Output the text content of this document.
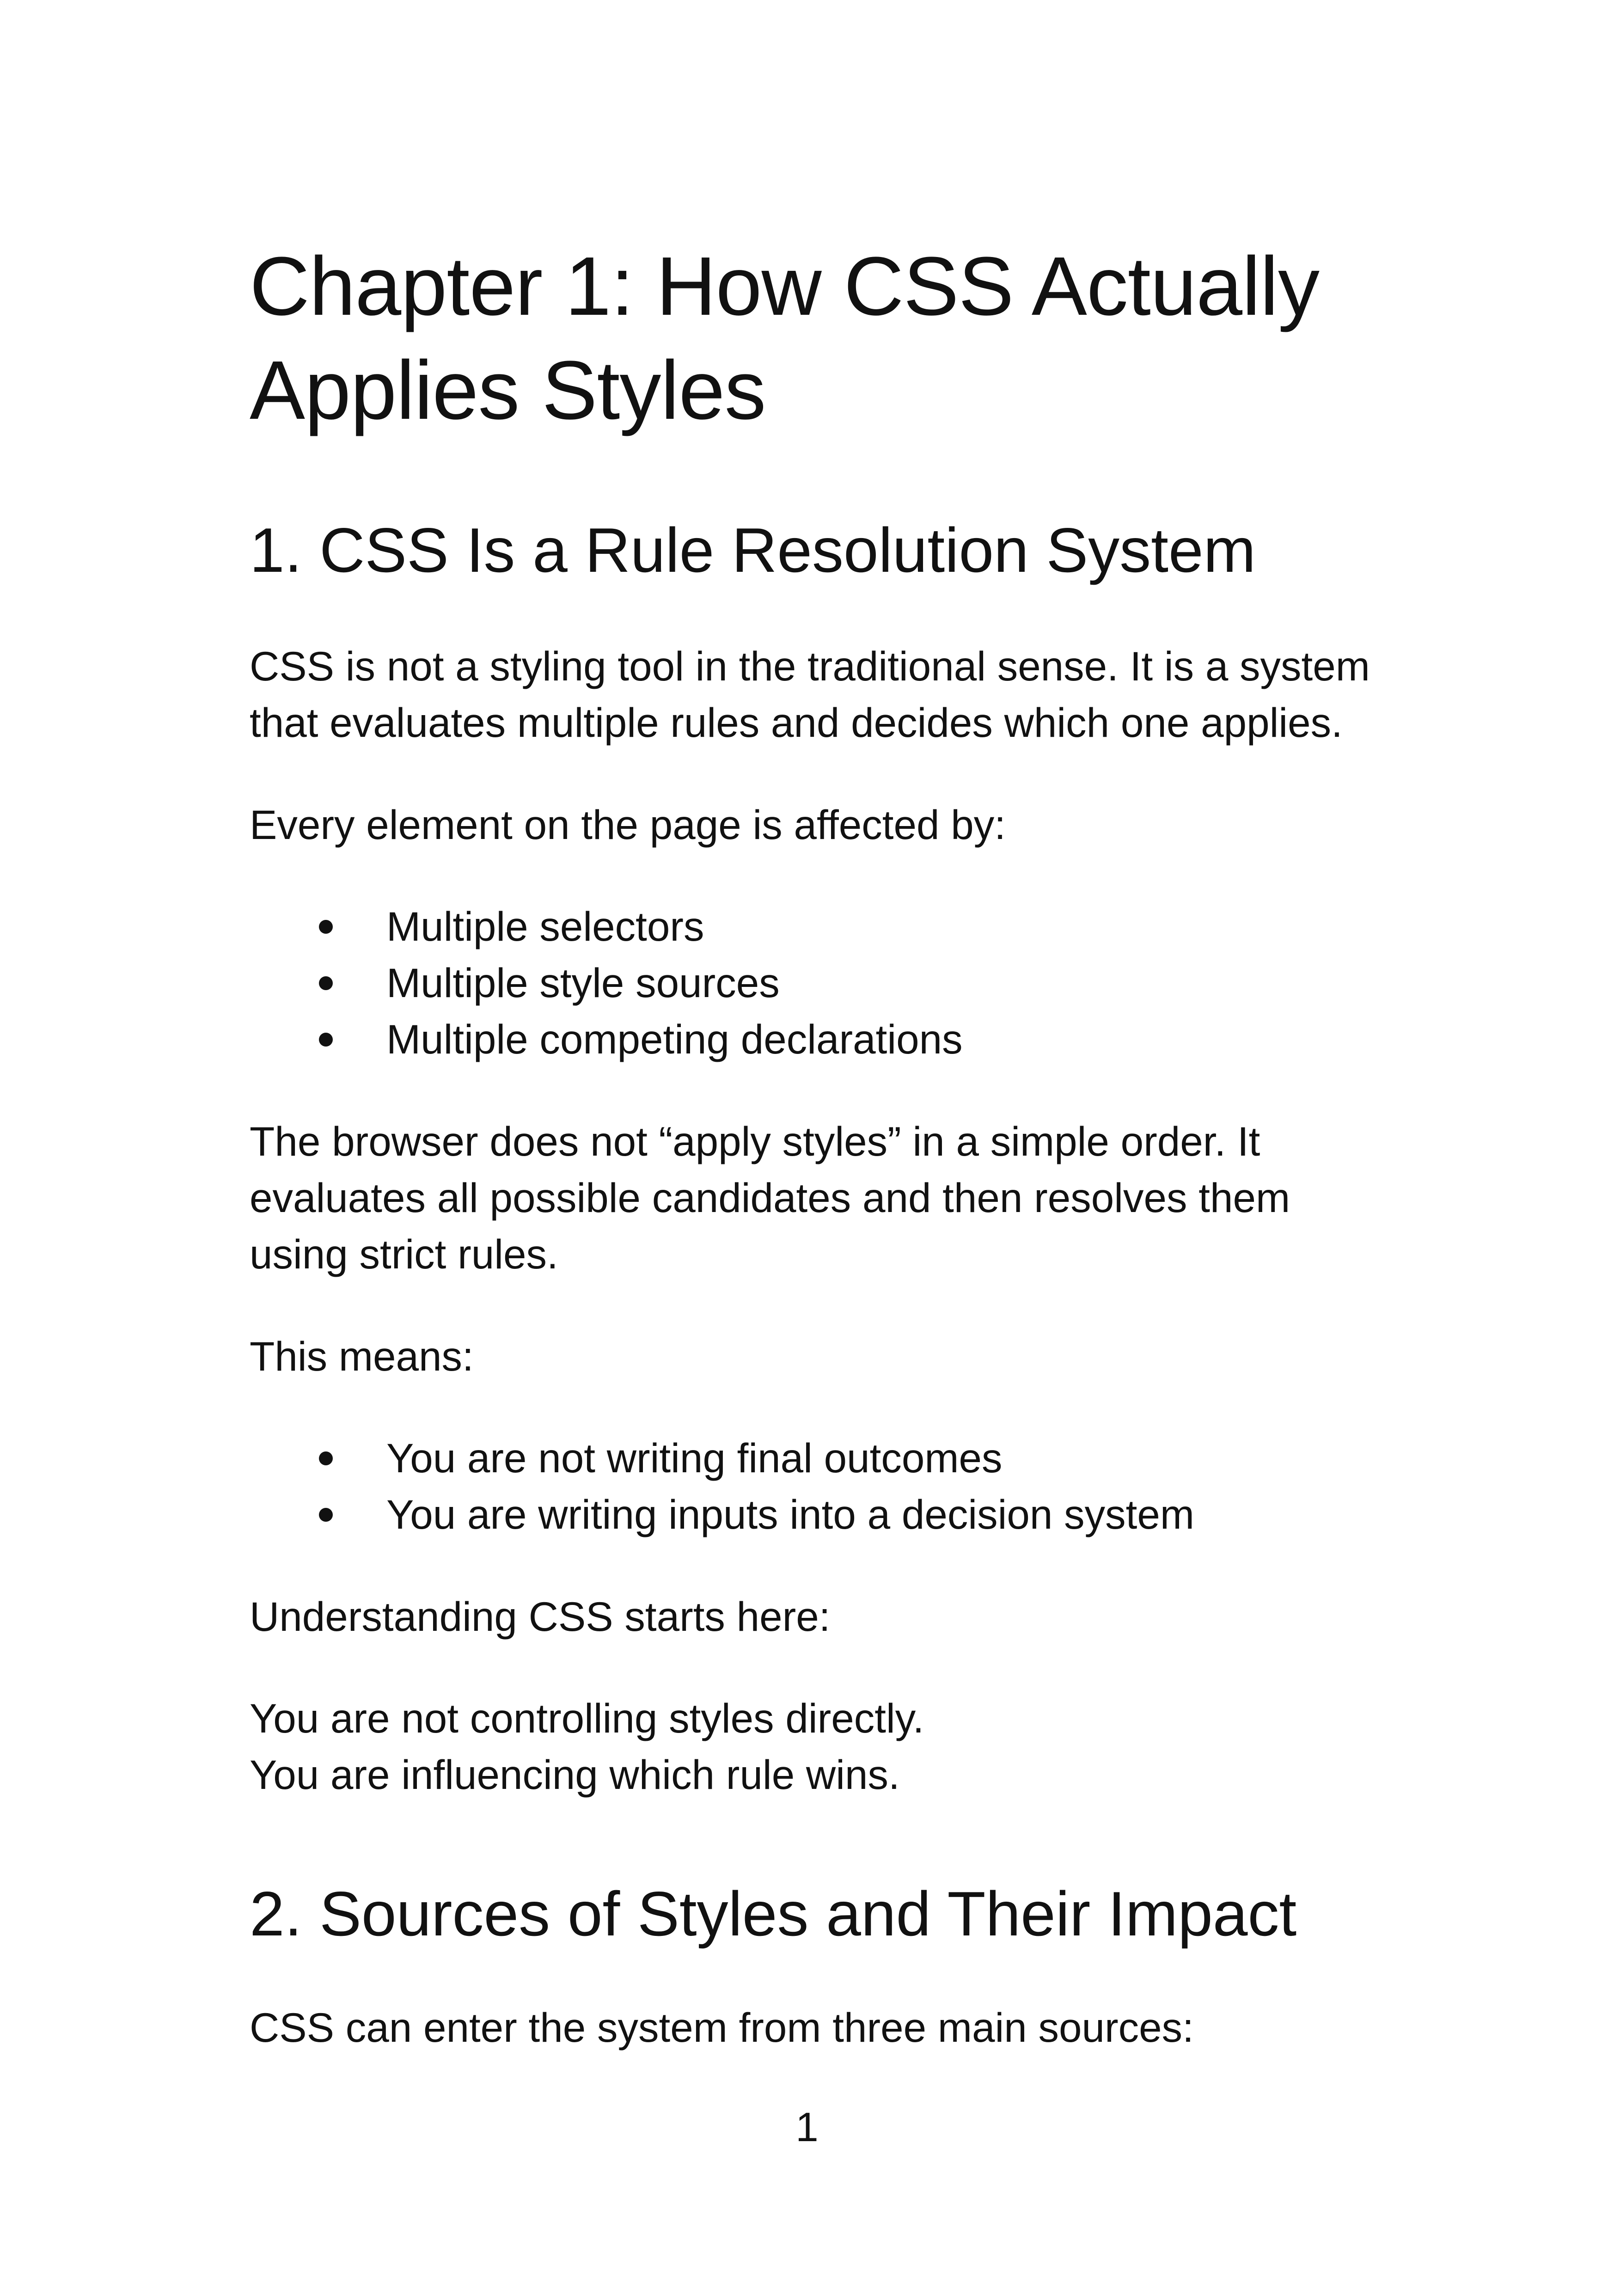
Chapter 1: How CSS Actually
Applies Styles
1. CSS Is a Rule Resolution System

CSS is not a styling tool in the traditional sense. It is a system

that evaluates multiple rules and decides which one applies.

Every element on the page is affected by:

Multiple selectors
Multiple style sources
Multiple competing declarations

The browser does not “apply styles” in a simple order. It

evaluates all possible candidates and then resolves them

using strict rules.

This means:

You are not writing final outcomes
You are writing inputs into a decision system

Understanding CSS starts here:

You are not controlling styles directly.

You are influencing which rule wins.

2. Sources of Styles and Their Impact

CSS can enter the system from three main sources:

1
